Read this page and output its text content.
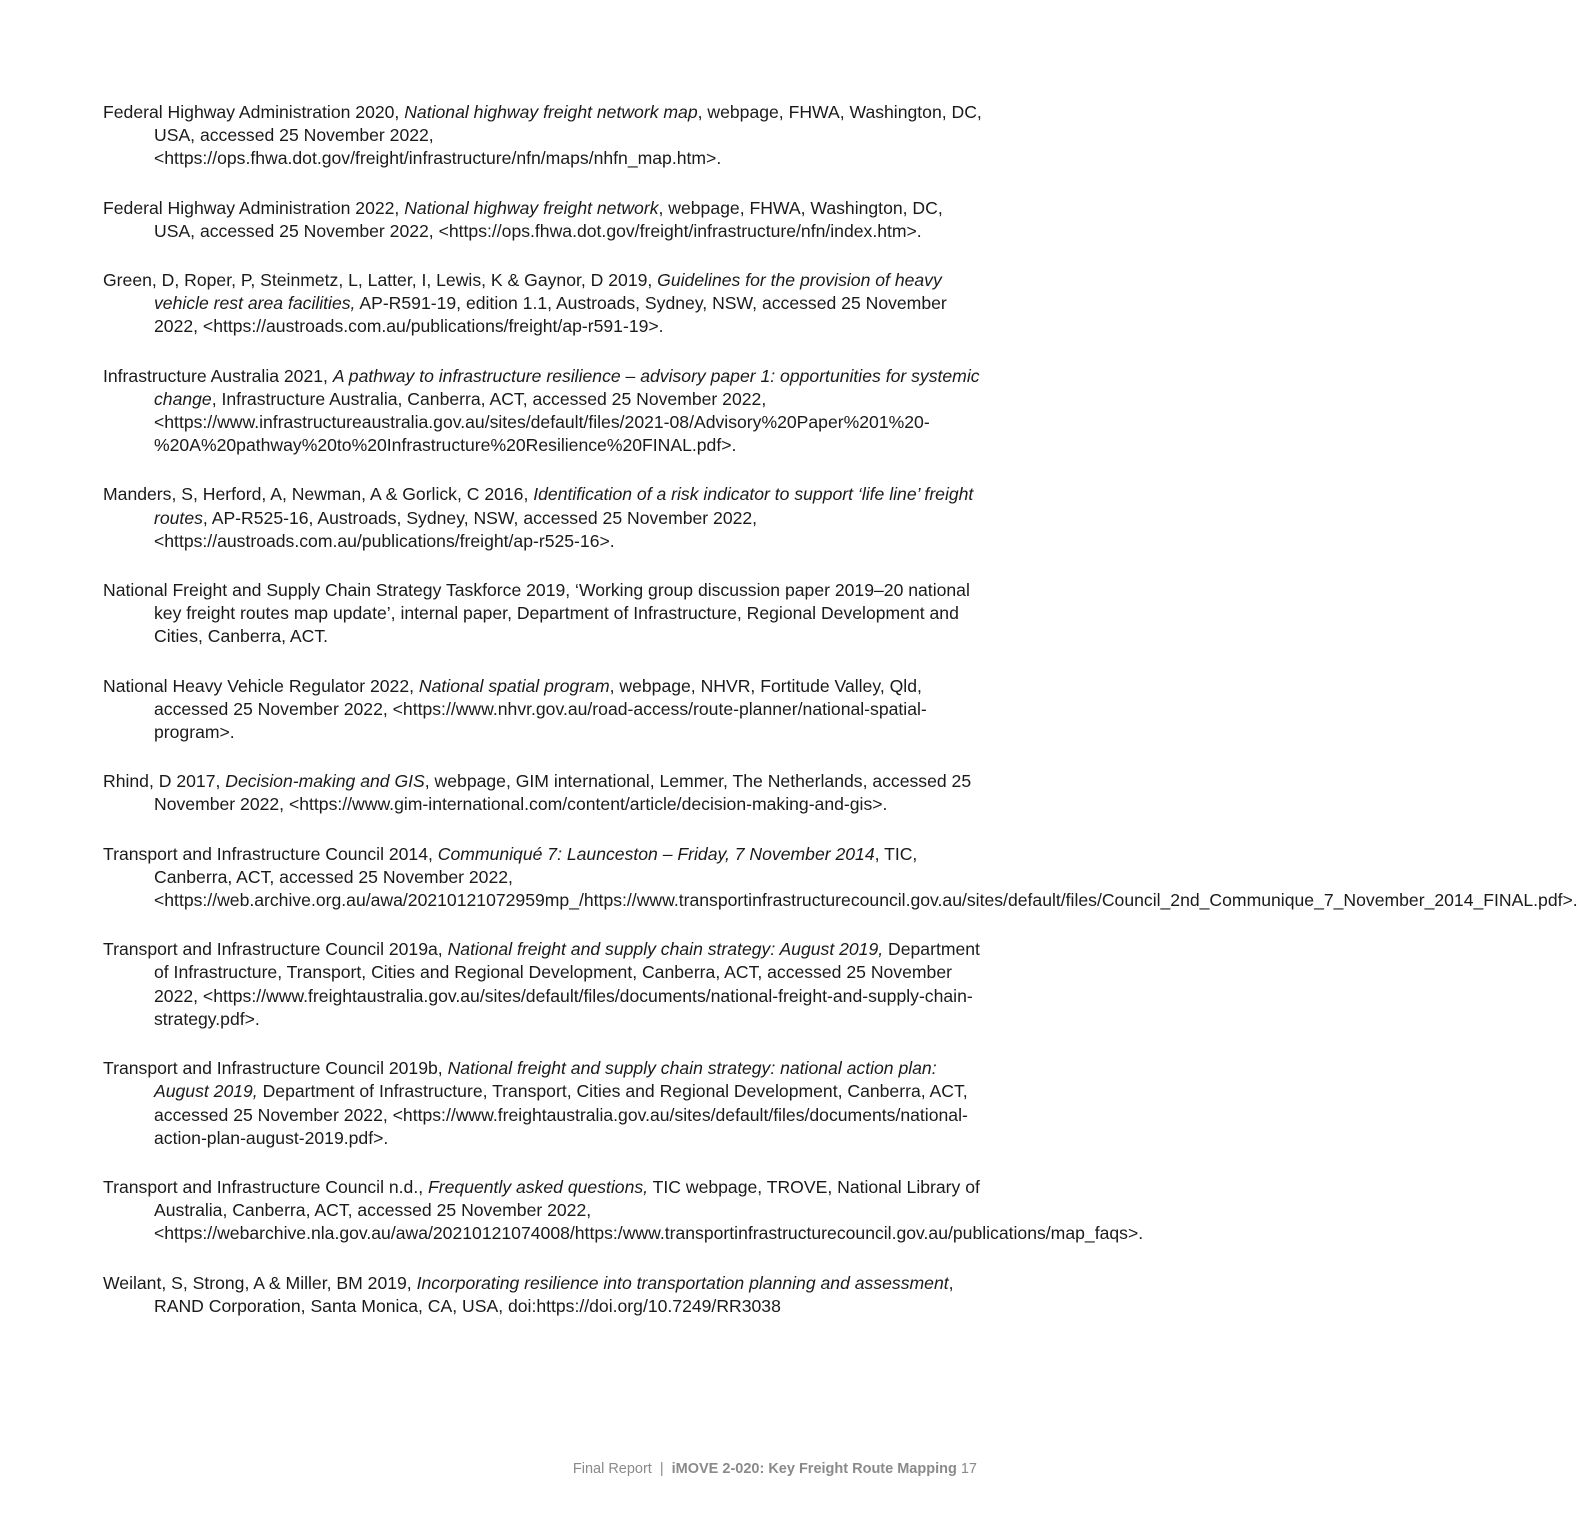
Federal Highway Administration 2020, National highway freight network map, webpage, FHWA, Washington, DC, USA, accessed 25 November 2022, <https://ops.fhwa.dot.gov/freight/infrastructure/nfn/maps/nhfn_map.htm>.

Federal Highway Administration 2022, National highway freight network, webpage, FHWA, Washington, DC, USA, accessed 25 November 2022, <https://ops.fhwa.dot.gov/freight/infrastructure/nfn/index.htm>.

Green, D, Roper, P, Steinmetz, L, Latter, I, Lewis, K & Gaynor, D 2019, Guidelines for the provision of heavy vehicle rest area facilities, AP-R591-19, edition 1.1, Austroads, Sydney, NSW, accessed 25 November 2022, <https://austroads.com.au/publications/freight/ap-r591-19>.

Infrastructure Australia 2021, A pathway to infrastructure resilience – advisory paper 1: opportunities for systemic change, Infrastructure Australia, Canberra, ACT, accessed 25 November 2022, <https://www.infrastructureaustralia.gov.au/sites/default/files/2021-08/Advisory%20Paper%201%20-%20A%20pathway%20to%20Infrastructure%20Resilience%20FINAL.pdf>.

Manders, S, Herford, A, Newman, A & Gorlick, C 2016, Identification of a risk indicator to support ‘life line’ freight routes, AP-R525-16, Austroads, Sydney, NSW, accessed 25 November 2022, <https://austroads.com.au/publications/freight/ap-r525-16>.

National Freight and Supply Chain Strategy Taskforce 2019, ‘Working group discussion paper 2019–20 national key freight routes map update’, internal paper, Department of Infrastructure, Regional Development and Cities, Canberra, ACT.

National Heavy Vehicle Regulator 2022, National spatial program, webpage, NHVR, Fortitude Valley, Qld, accessed 25 November 2022, <https://www.nhvr.gov.au/road-access/route-planner/national-spatial-program>.

Rhind, D 2017, Decision-making and GIS, webpage, GIM international, Lemmer, The Netherlands, accessed 25 November 2022, <https://www.gim-international.com/content/article/decision-making-and-gis>.

Transport and Infrastructure Council 2014, Communiqué 7: Launceston – Friday, 7 November 2014, TIC, Canberra, ACT, accessed 25 November 2022, <https://web.archive.org.au/awa/20210121072959mp_/https://www.transportinfrastructurecouncil.gov.au/sites/default/files/Council_2nd_Communique_7_November_2014_FINAL.pdf>.

Transport and Infrastructure Council 2019a, National freight and supply chain strategy: August 2019, Department of Infrastructure, Transport, Cities and Regional Development, Canberra, ACT, accessed 25 November 2022, <https://www.freightaustralia.gov.au/sites/default/files/documents/national-freight-and-supply-chain-strategy.pdf>.

Transport and Infrastructure Council 2019b, National freight and supply chain strategy: national action plan: August 2019, Department of Infrastructure, Transport, Cities and Regional Development, Canberra, ACT, accessed 25 November 2022, <https://www.freightaustralia.gov.au/sites/default/files/documents/national-action-plan-august-2019.pdf>.

Transport and Infrastructure Council n.d., Frequently asked questions, TIC webpage, TROVE, National Library of Australia, Canberra, ACT, accessed 25 November 2022, <https://webarchive.nla.gov.au/awa/20210121074008/https:/www.transportinfrastructurecouncil.gov.au/publications/map_faqs>.

Weilant, S, Strong, A & Miller, BM 2019, Incorporating resilience into transportation planning and assessment, RAND Corporation, Santa Monica, CA, USA, doi:https://doi.org/10.7249/RR3038

Final Report | iMOVE 2-020: Key Freight Route Mapping 17
